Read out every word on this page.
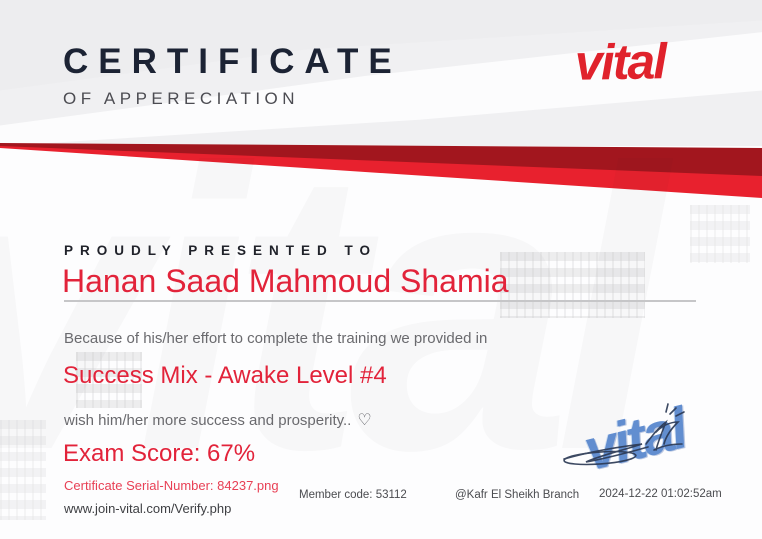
CERTIFICATE
OF APPERECIATION
vital
PROUDLY PRESENTED TO
Hanan Saad Mahmoud Shamia
Because of his/her effort to complete the training we provided in
Success Mix - Awake Level #4
wish him/her more success and prosperity.. ♡
Exam Score: 67%
Certificate Serial-Number: 84237.png
www.join-vital.com/Verify.php
Member code: 53112	@Kafr El Sheikh Branch 2024-12-22 01:02:52am
vital
